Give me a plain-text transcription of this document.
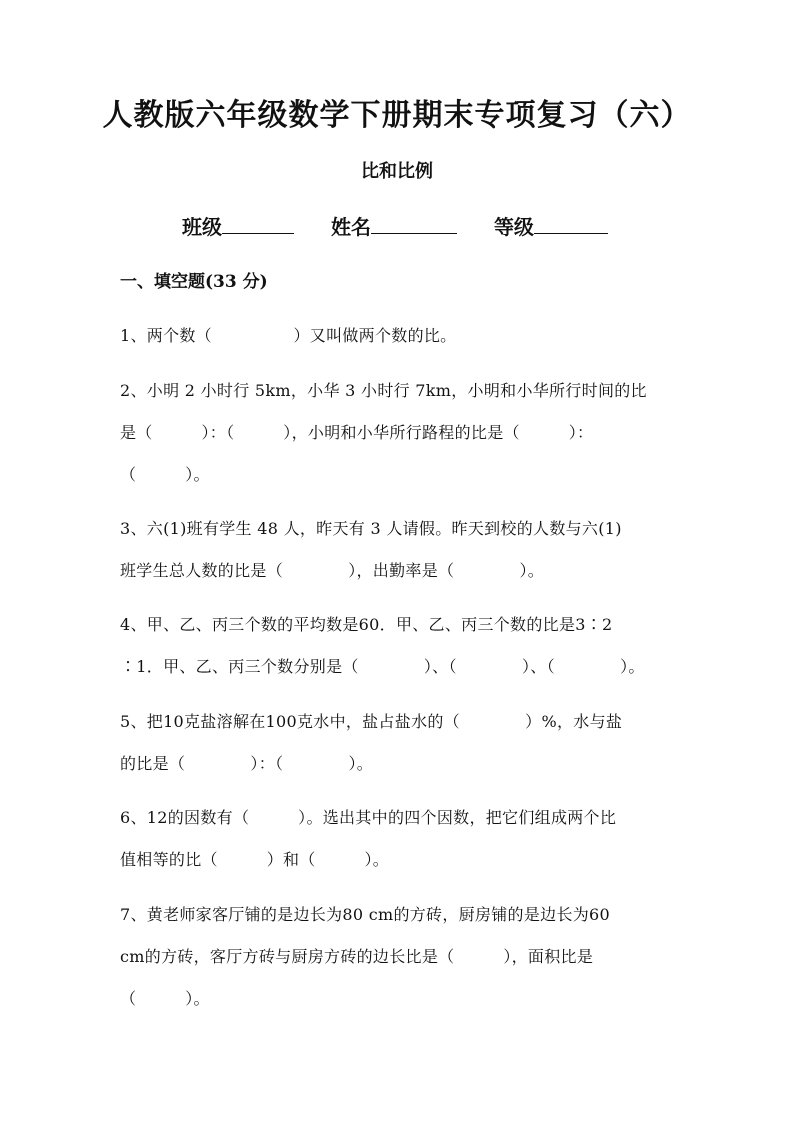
人教版六年级数学下册期末专项复习（六）
比和比例
班级	姓名	等级
一、填空题(33 分)
1、两个数（　　　　　）又叫做两个数的比。
2、小明 2 小时行 5km，小华 3 小时行 7km，小明和小华所行时间的比
是（　　　）：（　　　），小明和小华所行路程的比是（　　　）：
（　　　）。
3、六(1)班有学生 48 人，昨天有 3 人请假。昨天到校的人数与六(1)
班学生总人数的比是（　　　　），出勤率是（　　　　）。
4、甲、乙、丙三个数的平均数是60．甲、乙、丙三个数的比是3∶2
∶1．甲、乙、丙三个数分别是（　　　　）、（　　　　）、（　　　　）。
5、把10克盐溶解在100克水中，盐占盐水的（　　　　）%，水与盐
的比是（　　　　）：（　　　　）。
6、12的因数有（　　　）。选出其中的四个因数，把它们组成两个比
值相等的比（　　　）和（　　　）。
7、黄老师家客厅铺的是边长为80 cm的方砖，厨房铺的是边长为60
cm的方砖，客厅方砖与厨房方砖的边长比是（　　　），面积比是
（　　　）。
